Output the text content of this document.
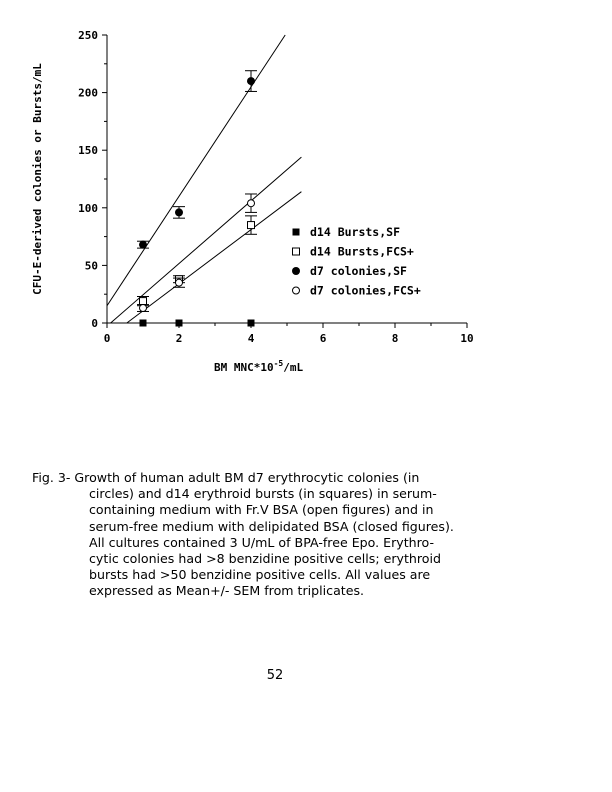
0	2	4	6	8	10
0
50
100
150
200
250
d14 Bursts,SF
d14 Bursts,FCS+
d7 colonies,SF
d7 colonies,FCS+
BM $MNC*10^{-5}/mL$
CFU-E-derived colonies or Bursts/mL
Fig. 3- Growth of human adult BM d7 erythrocytic colonies (in
circles) and d14 erythroid bursts (in squares) in serum-
containing medium with Fr.V BSA (open figures) and in
serum-free medium with delipidated BSA (closed figures).
All cultures contained 3 U/mL of BPA-free Epo. Erythro-
cytic colonies had >8 benzidine positive cells; erythroid
bursts had >50 benzidine positive cells. All values are
expressed as Mean+/- SEM from triplicates.
52
